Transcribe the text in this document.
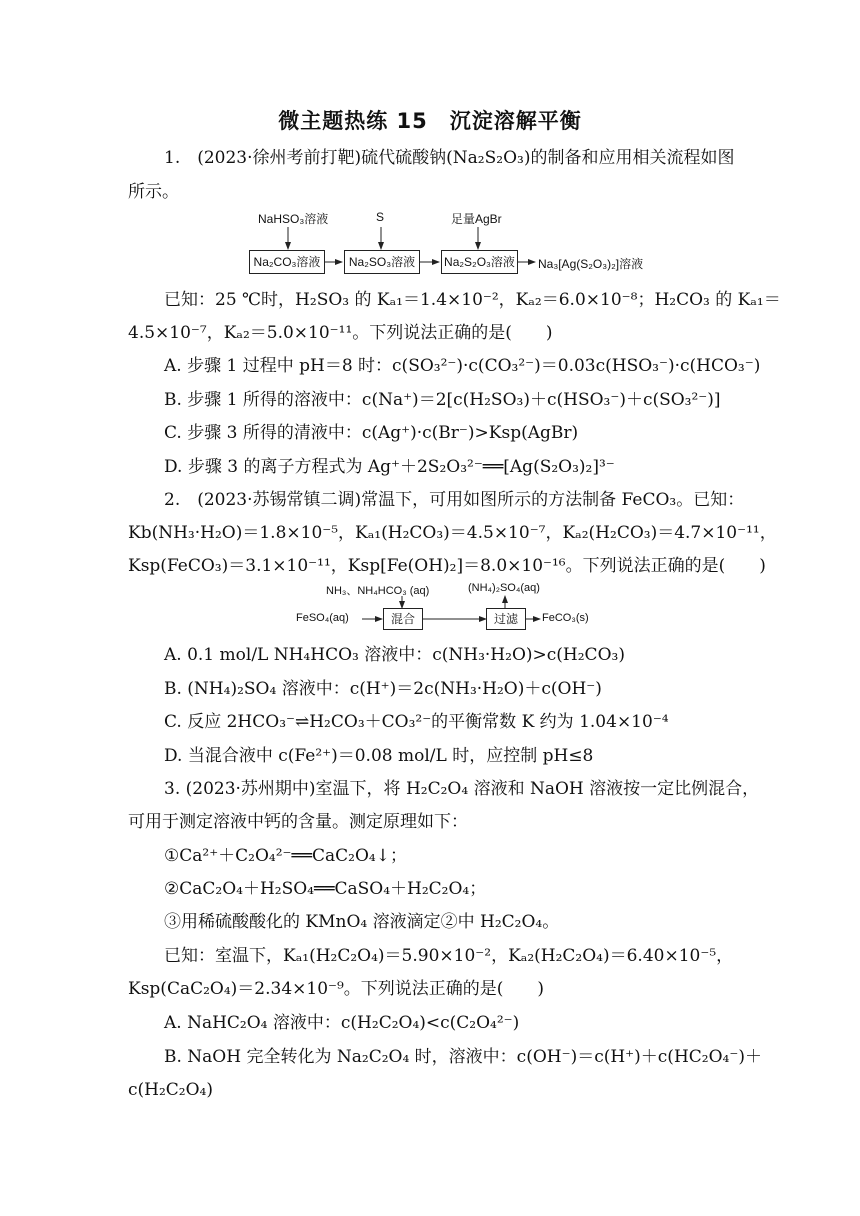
微主题热练 15　沉淀溶解平衡
1.　(2023·徐州考前打靶)硫代硫酸钠(Na₂S₂O₃)的制备和应用相关流程如图
所示。
NaHSO₃溶液	S	足量AgBr
Na₂CO₃溶液	Na₂SO₃溶液	Na₂S₂O₃溶液 Na₃[Ag(S₂O₃)₂]溶液
已知：25 ℃时，H₂SO₃ 的 Kₐ₁＝1.4×10⁻²，Kₐ₂＝6.0×10⁻⁸；H₂CO₃ 的 Kₐ₁＝
4.5×10⁻⁷，Kₐ₂＝5.0×10⁻¹¹。下列说法正确的是(　　)
A. 步骤 1 过程中 pH＝8 时：c(SO₃²⁻)·c(CO₃²⁻)＝0.03c(HSO₃⁻)·c(HCO₃⁻)
B. 步骤 1 所得的溶液中：c(Na⁺)＝2[c(H₂SO₃)＋c(HSO₃⁻)＋c(SO₃²⁻)]
C. 步骤 3 所得的清液中：c(Ag⁺)·c(Br⁻)>Ksp(AgBr)
D. 步骤 3 的离子方程式为 Ag⁺＋2S₂O₃²⁻══[Ag(S₂O₃)₂]³⁻
2.　(2023·苏锡常镇二调)常温下，可用如图所示的方法制备 FeCO₃。已知：
Kb(NH₃·H₂O)＝1.8×10⁻⁵，Kₐ₁(H₂CO₃)＝4.5×10⁻⁷，Kₐ₂(H₂CO₃)＝4.7×10⁻¹¹，
Ksp(FeCO₃)＝3.1×10⁻¹¹，Ksp[Fe(OH)₂]＝8.0×10⁻¹⁶。下列说法正确的是(　　)
NH₃、NH₄HCO₃ (aq)	(NH₄)₂SO₄(aq)
FeSO₄(aq)	混合	过滤	FeCO₃(s)
A. 0.1 mol/L NH₄HCO₃ 溶液中：c(NH₃·H₂O)>c(H₂CO₃)
B. (NH₄)₂SO₄ 溶液中：c(H⁺)＝2c(NH₃·H₂O)＋c(OH⁻)
C. 反应 2HCO₃⁻⇌H₂CO₃＋CO₃²⁻的平衡常数 K 约为 1.04×10⁻⁴
D. 当混合液中 c(Fe²⁺)＝0.08 mol/L 时，应控制 pH≤8
3. (2023·苏州期中)室温下，将 H₂C₂O₄ 溶液和 NaOH 溶液按一定比例混合，
可用于测定溶液中钙的含量。测定原理如下：
①Ca²⁺＋C₂O₄²⁻══CaC₂O₄↓；
②CaC₂O₄＋H₂SO₄══CaSO₄＋H₂C₂O₄；
③用稀硫酸酸化的 KMnO₄ 溶液滴定②中 H₂C₂O₄。
已知：室温下，Kₐ₁(H₂C₂O₄)＝5.90×10⁻²，Kₐ₂(H₂C₂O₄)＝6.40×10⁻⁵，
Ksp(CaC₂O₄)＝2.34×10⁻⁹。下列说法正确的是(　　)
A. NaHC₂O₄ 溶液中：c(H₂C₂O₄)<c(C₂O₄²⁻)
B. NaOH 完全转化为 Na₂C₂O₄ 时，溶液中：c(OH⁻)＝c(H⁺)＋c(HC₂O₄⁻)＋
c(H₂C₂O₄)
